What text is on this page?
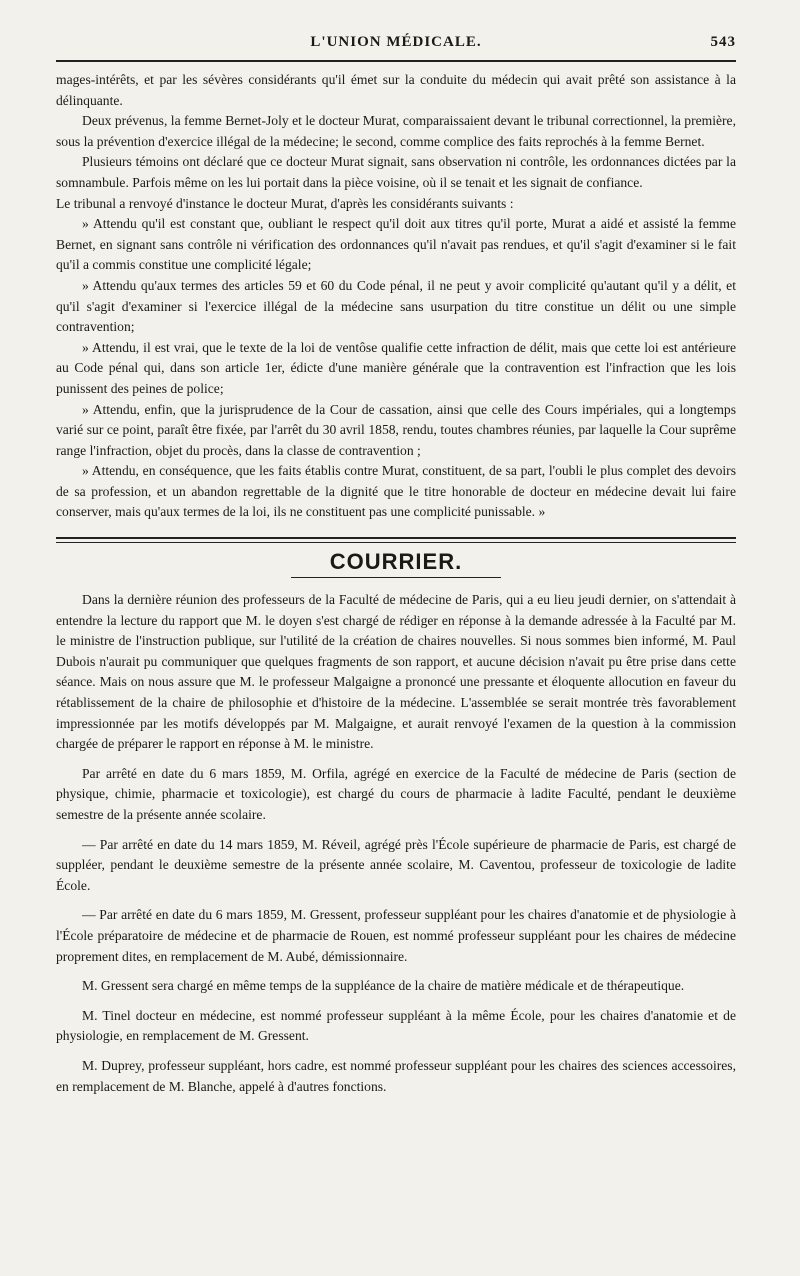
L'UNION MÉDICALE.	543

mages-intérêts, et par les sévères considérants qu'il émet sur la conduite du médecin qui avait prêté son assistance à la délinquante.

Deux prévenus, la femme Bernet-Joly et le docteur Murat, comparaissaient devant le tribunal correctionnel, la première, sous la prévention d'exercice illégal de la médecine; le second, comme complice des faits reprochés à la femme Bernet.

Plusieurs témoins ont déclaré que ce docteur Murat signait, sans observation ni contrôle, les ordonnances dictées par la somnambule. Parfois même on les lui portait dans la pièce voisine, où il se tenait et les signait de confiance.

Le tribunal a renvoyé d'instance le docteur Murat, d'après les considérants suivants :

» Attendu qu'il est constant que, oubliant le respect qu'il doit aux titres qu'il porte, Murat a aidé et assisté la femme Bernet, en signant sans contrôle ni vérification des ordonnances qu'il n'avait pas rendues, et qu'il s'agit d'examiner si le fait qu'il a commis constitue une complicité légale;

» Attendu qu'aux termes des articles 59 et 60 du Code pénal, il ne peut y avoir complicité qu'autant qu'il y a délit, et qu'il s'agit d'examiner si l'exercice illégal de la médecine sans usurpation du titre constitue un délit ou une simple contravention;

» Attendu, il est vrai, que le texte de la loi de ventôse qualifie cette infraction de délit, mais que cette loi est antérieure au Code pénal qui, dans son article 1er, édicte d'une manière générale que la contravention est l'infraction que les lois punissent des peines de police;

» Attendu, enfin, que la jurisprudence de la Cour de cassation, ainsi que celle des Cours impériales, qui a longtemps varié sur ce point, paraît être fixée, par l'arrêt du 30 avril 1858, rendu, toutes chambres réunies, par laquelle la Cour suprême range l'infraction, objet du procès, dans la classe de contravention ;

» Attendu, en conséquence, que les faits établis contre Murat, constituent, de sa part, l'oubli le plus complet des devoirs de sa profession, et un abandon regrettable de la dignité que le titre honorable de docteur en médecine devait lui faire conserver, mais qu'aux termes de la loi, ils ne constituent pas une complicité punissable. »

COURRIER.

Dans la dernière réunion des professeurs de la Faculté de médecine de Paris, qui a eu lieu jeudi dernier, on s'attendait à entendre la lecture du rapport que M. le doyen s'est chargé de rédiger en réponse à la demande adressée à la Faculté par M. le ministre de l'instruction publique, sur l'utilité de la création de chaires nouvelles. Si nous sommes bien informé, M. Paul Dubois n'aurait pu communiquer que quelques fragments de son rapport, et aucune décision n'avait pu être prise dans cette séance. Mais on nous assure que M. le professeur Malgaigne a prononcé une pressante et éloquente allocution en faveur du rétablissement de la chaire de philosophie et d'histoire de la médecine. L'assemblée se serait montrée très favorablement impressionnée par les motifs développés par M. Malgaigne, et aurait renvoyé l'examen de la question à la commission chargée de préparer le rapport en réponse à M. le ministre.

Par arrêté en date du 6 mars 1859, M. Orfila, agrégé en exercice de la Faculté de médecine de Paris (section de physique, chimie, pharmacie et toxicologie), est chargé du cours de pharmacie à ladite Faculté, pendant le deuxième semestre de la présente année scolaire.

— Par arrêté en date du 14 mars 1859, M. Réveil, agrégé près l'École supérieure de pharmacie de Paris, est chargé de suppléer, pendant le deuxième semestre de la présente année scolaire, M. Caventou, professeur de toxicologie de ladite École.

— Par arrêté en date du 6 mars 1859, M. Gressent, professeur suppléant pour les chaires d'anatomie et de physiologie à l'École préparatoire de médecine et de pharmacie de Rouen, est nommé professeur suppléant pour les chaires de médecine proprement dites, en remplacement de M. Aubé, démissionnaire.

M. Gressent sera chargé en même temps de la suppléance de la chaire de matière médicale et de thérapeutique.

M. Tinel docteur en médecine, est nommé professeur suppléant à la même École, pour les chaires d'anatomie et de physiologie, en remplacement de M. Gressent.

M. Duprey, professeur suppléant, hors cadre, est nommé professeur suppléant pour les chaires des sciences accessoires, en remplacement de M. Blanche, appelé à d'autres fonctions.
